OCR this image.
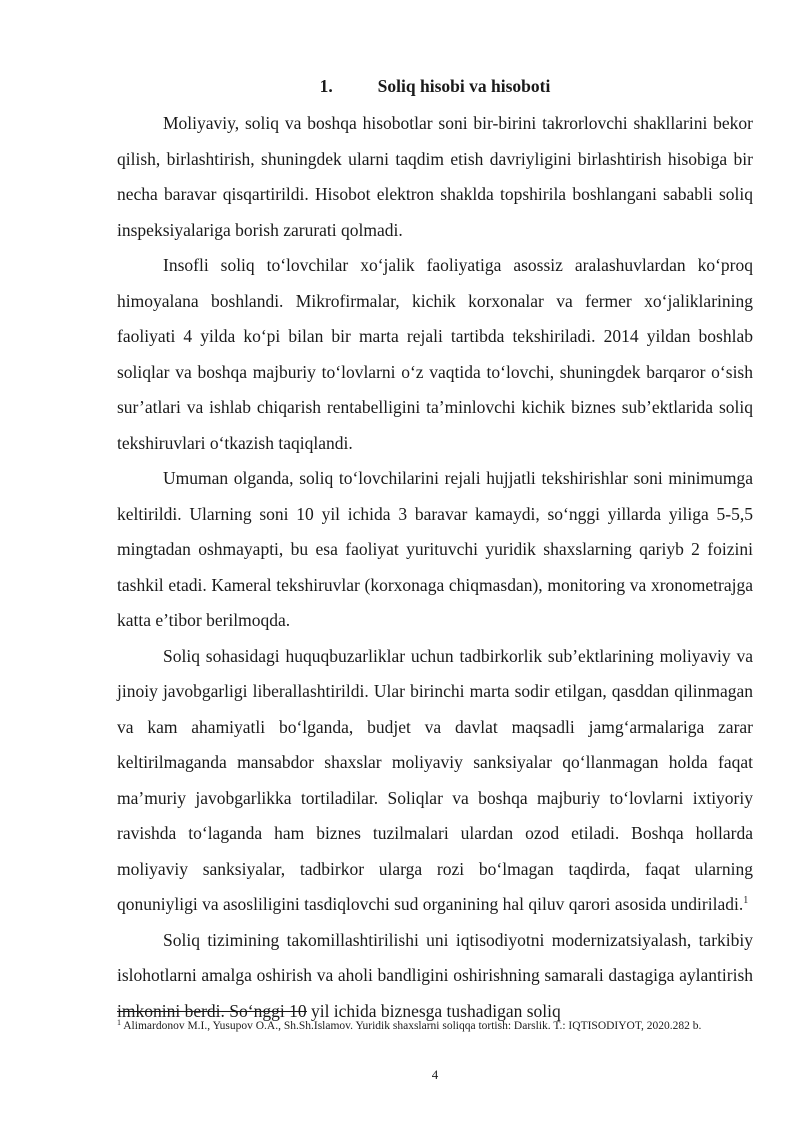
1.	Soliq hisobi va hisoboti

Moliyaviy, soliq va boshqa hisobotlar soni bir-birini takrorlovchi shakllarini bekor qilish, birlashtirish, shuningdek ularni taqdim etish davriyligini birlashtirish hisobiga bir necha baravar qisqartirildi. Hisobot elektron shaklda topshirila boshlangani sababli soliq inspeksiyalariga borish zarurati qolmadi.

Insofli soliq to‘lovchilar xo‘jalik faoliyatiga asossiz aralashuvlardan ko‘proq himoyalana boshlandi. Mikrofirmalar, kichik korxonalar va fermer xo‘jaliklarining faoliyati 4 yilda ko‘pi bilan bir marta rejali tartibda tekshiriladi. 2014 yildan boshlab soliqlar va boshqa majburiy to‘lovlarni o‘z vaqtida to‘lovchi, shuningdek barqaror o‘sish sur’atlari va ishlab chiqarish rentabelligini ta’minlovchi kichik biznes sub’ektlarida soliq tekshiruvlari o‘tkazish taqiqlandi.

Umuman olganda, soliq to‘lovchilarini rejali hujjatli tekshirishlar soni minimumga keltirildi. Ularning soni 10 yil ichida 3 baravar kamaydi, so‘nggi yillarda yiliga 5-5,5 mingtadan oshmayapti, bu esa faoliyat yurituvchi yuridik shaxslarning qariyb 2 foizini tashkil etadi. Kameral tekshiruvlar (korxonaga chiqmasdan), monitoring va xronometrajga katta e’tibor berilmoqda.

Soliq sohasidagi huquqbuzarliklar uchun tadbirkorlik sub’ektlarining moliyaviy va jinoiy javobgarligi liberallashtirildi. Ular birinchi marta sodir etilgan, qasddan qilinmagan va kam ahamiyatli bo‘lganda, budjet va davlat maqsadli jamg‘armalariga zarar keltirilmaganda mansabdor shaxslar moliyaviy sanksiyalar qo‘llanmagan holda faqat ma’muriy javobgarlikka tortiladilar. Soliqlar va boshqa majburiy to‘lovlarni ixtiyoriy ravishda to‘laganda ham biznes tuzilmalari ulardan ozod etiladi. Boshqa hollarda moliyaviy sanksiyalar, tadbirkor ularga rozi bo‘lmagan taqdirda, faqat ularning qonuniyligi va asosliligini tasdiqlovchi sud organining hal qiluv qarori asosida undiriladi.$^1$

Soliq tizimining takomillashtirilishi uni iqtisodiyotni modernizatsiyalash, tarkibiy islohotlarni amalga oshirish va aholi bandligini oshirishning samarali dastagiga aylantirish imkonini berdi. So‘nggi 10 yil ichida biznesga tushadigan soliq

$^1$ Alimardonov M.I., Yusupov O.A., Sh.Sh.Islamov. Yuridik shaxslarni soliqqa tortish: Darslik. T.: IQTISODIYOT, 2020.282 b.
4
